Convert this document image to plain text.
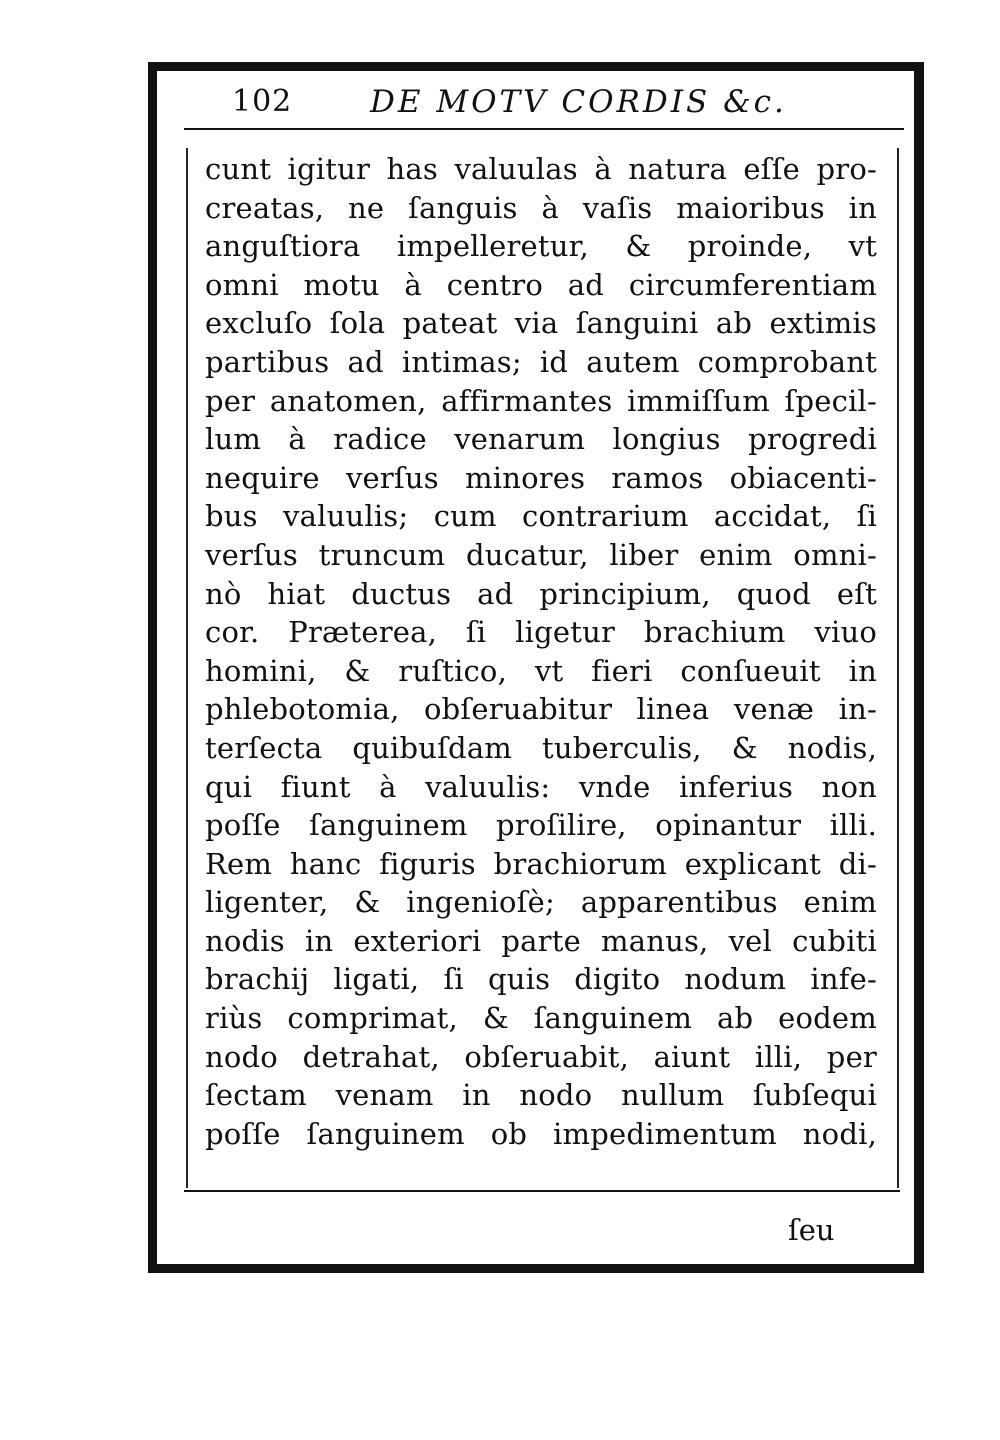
102	DE MOTV CORDIS &c.
cunt igitur has valuulas à natura eſſe pro-
creatas, ne ſanguis à vaſis maioribus in
anguſtiora impelleretur, & proinde, vt
omni motu à centro ad circumferentiam
excluſo ſola pateat via ſanguini ab extimis
partibus ad intimas; id autem comprobant
per anatomen, affirmantes immiſſum ſpecil-
lum à radice venarum longius progredi
nequire verſus minores ramos obiacenti-
bus valuulis; cum contrarium accidat, ſi
verſus truncum ducatur, liber enim omni-
nò hiat ductus ad principium, quod eſt
cor. Præterea, ſi ligetur brachium viuo
homini, & ruſtico, vt fieri conſueuit in
phlebotomia, obſeruabitur linea venæ in-
terſecta quibuſdam tuberculis, & nodis,
qui fiunt à valuulis: vnde inferius non
poſſe ſanguinem proſilire, opinantur illi.
Rem hanc figuris brachiorum explicant di-
ligenter, & ingenioſè; apparentibus enim
nodis in exteriori parte manus, vel cubiti
brachij ligati, ſi quis digito nodum infe-
riùs comprimat, & ſanguinem ab eodem
nodo detrahat, obſeruabit, aiunt illi, per
ſectam venam in nodo nullum ſubſequi
poſſe ſanguinem ob impedimentum nodi,
ſeu
